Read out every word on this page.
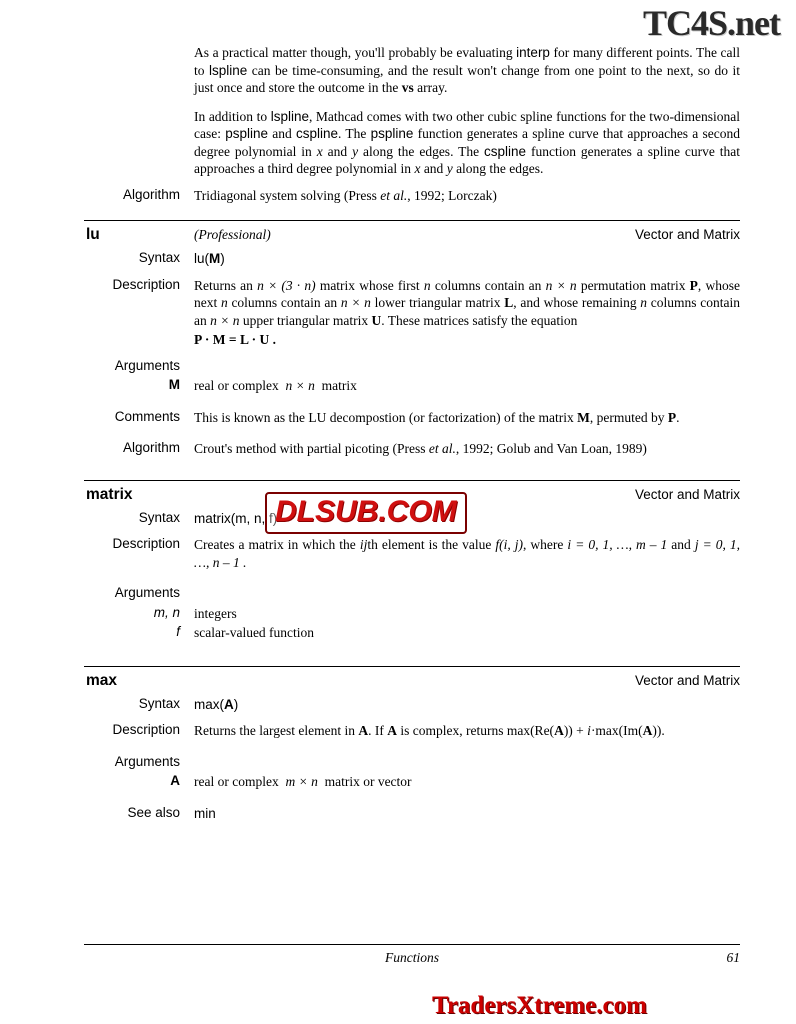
TC4S.net

As a practical matter though, you'll probably be evaluating interp for many different points. The call to lspline can be time-consuming, and the result won't change from one point to the next, so do it just once and store the outcome in the vs array.

In addition to lspline, Mathcad comes with two other cubic spline functions for the two-dimensional case: pspline and cspline. The pspline function generates a spline curve that approaches a second degree polynomial in x and y along the edges. The cspline function generates a spline curve that approaches a third degree polynomial in x and y along the edges.

Algorithm	Tridiagonal system solving (Press et al., 1992; Lorczak)
lu	(Professional)	Vector and Matrix
Syntax	lu(M)
Description	Returns an n × (3 · n) matrix whose first n columns contain an n × n permutation matrix P, whose next n columns contain an n × n lower triangular matrix L, and whose remaining n columns contain an n × n upper triangular matrix U. These matrices satisfy the equation

P · M = L · U .

Arguments

M	real or complex  n × n  matrix
Comments	This is known as the LU decompostion (or factorization) of the matrix M, permuted by P.
Algorithm	Crout's method with partial picoting (Press et al., 1992; Golub and Van Loan, 1989)
matrix	Vector and Matrix
Syntax	matrix(m, n, f)
Description	Creates a matrix in which the ijth element is the value f(i, j), where i = 0, 1, …, m – 1 and j = 0, 1, …, n – 1 .
Arguments

m, n	integers
f	scalar-valued function
max	Vector and Matrix
Syntax	max(A)
Description	Returns the largest element in A. If A is complex, returns max(Re(A)) + i·max(Im(A)).
Arguments

A	real or complex  m × n  matrix or vector
See also	min
DLSUB.COM
Functions	61
TradersXtreme.com
